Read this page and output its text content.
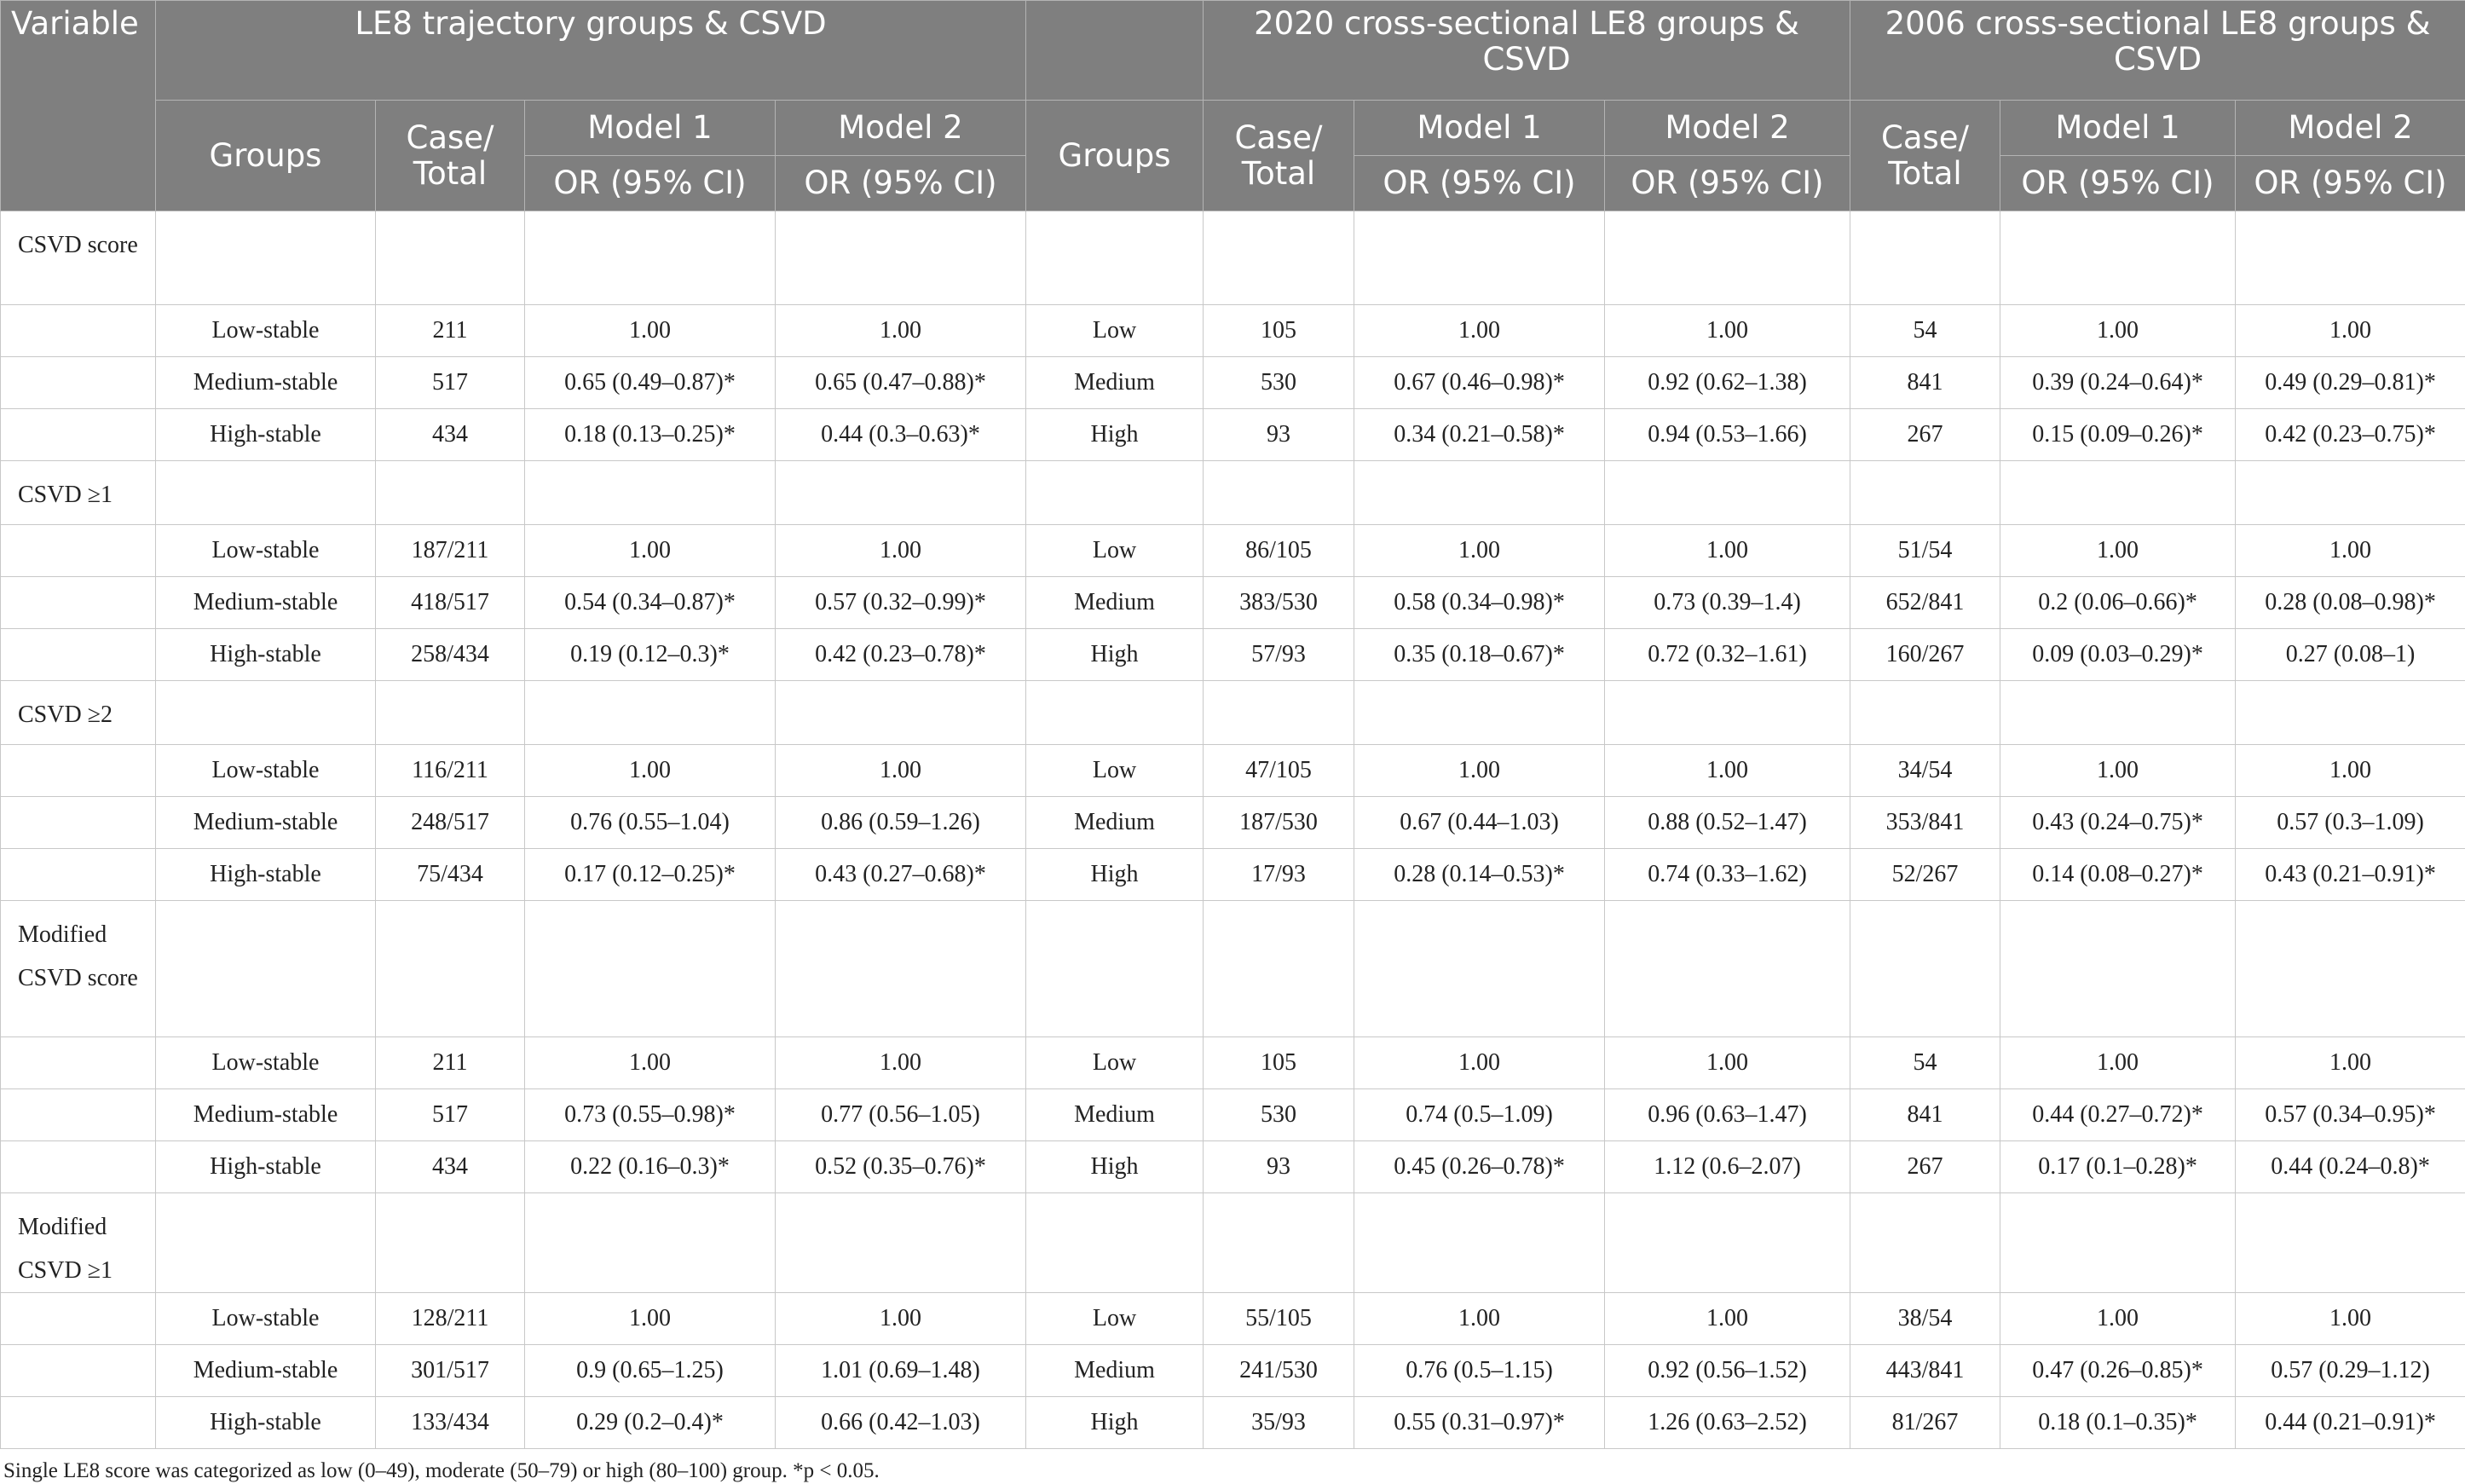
Variable	LE8 trajectory groups & CSVD					2020 cross-sectional LE8 groups & CSVD			2006 cross-sectional LE8 groups & CSVD		
	Groups	Case/ Total	Model 1	Model 2	Groups	Case/ Total	Model 1	Model 2	Case/ Total	Model 1	Model 2
			OR (95% CI)	OR (95% CI)			OR (95% CI)	OR (95% CI)		OR (95% CI)	OR (95% CI)
CSVD score											
	Low-stable	211	1.00	1.00	Low	105	1.00	1.00	54	1.00	1.00
	Medium-stable	517	0.65 (0.49–0.87)*	0.65 (0.47–0.88)*	Medium	530	0.67 (0.46–0.98)*	0.92 (0.62–1.38)	841	0.39 (0.24–0.64)*	0.49 (0.29–0.81)*
	High-stable	434	0.18 (0.13–0.25)*	0.44 (0.3–0.63)*	High	93	0.34 (0.21–0.58)*	0.94 (0.53–1.66)	267	0.15 (0.09–0.26)*	0.42 (0.23–0.75)*
CSVD ≥1											
	Low-stable	187/211	1.00	1.00	Low	86/105	1.00	1.00	51/54	1.00	1.00
	Medium-stable	418/517	0.54 (0.34–0.87)*	0.57 (0.32–0.99)*	Medium	383/530	0.58 (0.34–0.98)*	0.73 (0.39–1.4)	652/841	0.2 (0.06–0.66)*	0.28 (0.08–0.98)*
	High-stable	258/434	0.19 (0.12–0.3)*	0.42 (0.23–0.78)*	High	57/93	0.35 (0.18–0.67)*	0.72 (0.32–1.61)	160/267	0.09 (0.03–0.29)*	0.27 (0.08–1)
CSVD ≥2											
	Low-stable	116/211	1.00	1.00	Low	47/105	1.00	1.00	34/54	1.00	1.00
	Medium-stable	248/517	0.76 (0.55–1.04)	0.86 (0.59–1.26)	Medium	187/530	0.67 (0.44–1.03)	0.88 (0.52–1.47)	353/841	0.43 (0.24–0.75)*	0.57 (0.3–1.09)
	High-stable	75/434	0.17 (0.12–0.25)*	0.43 (0.27–0.68)*	High	17/93	0.28 (0.14–0.53)*	0.74 (0.33–1.62)	52/267	0.14 (0.08–0.27)*	0.43 (0.21–0.91)*
Modified CSVD score											
	Low-stable	211	1.00	1.00	Low	105	1.00	1.00	54	1.00	1.00
	Medium-stable	517	0.73 (0.55–0.98)*	0.77 (0.56–1.05)	Medium	530	0.74 (0.5–1.09)	0.96 (0.63–1.47)	841	0.44 (0.27–0.72)*	0.57 (0.34–0.95)*
	High-stable	434	0.22 (0.16–0.3)*	0.52 (0.35–0.76)*	High	93	0.45 (0.26–0.78)*	1.12 (0.6–2.07)	267	0.17 (0.1–0.28)*	0.44 (0.24–0.8)*
Modified CSVD ≥1											
	Low-stable	128/211	1.00	1.00	Low	55/105	1.00	1.00	38/54	1.00	1.00
	Medium-stable	301/517	0.9 (0.65–1.25)	1.01 (0.69–1.48)	Medium	241/530	0.76 (0.5–1.15)	0.92 (0.56–1.52)	443/841	0.47 (0.26–0.85)*	0.57 (0.29–1.12)
	High-stable	133/434	0.29 (0.2–0.4)*	0.66 (0.42–1.03)	High	35/93	0.55 (0.31–0.97)*	1.26 (0.63–2.52)	81/267	0.18 (0.1–0.35)*	0.44 (0.21–0.91)*
Single LE8 score was categorized as low (0–49), moderate (50–79) or high (80–100) group. *p < 0.05.
